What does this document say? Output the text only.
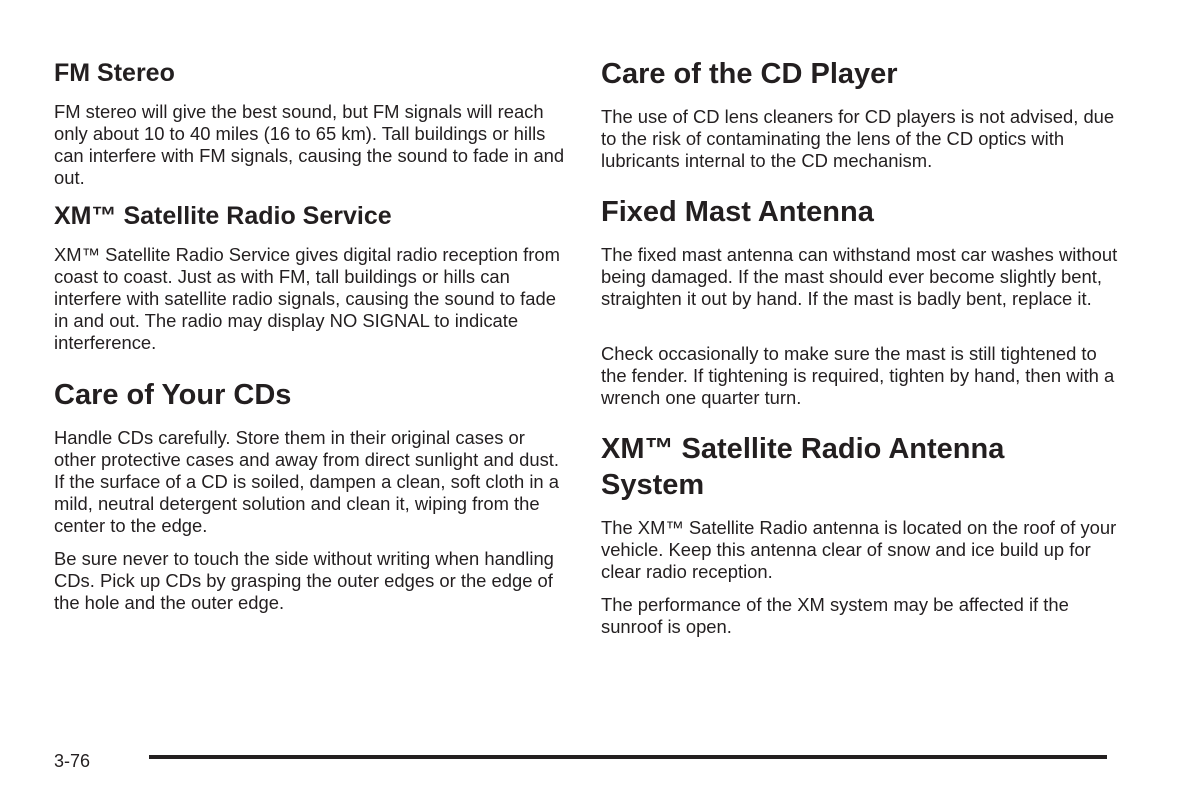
FM Stereo

FM stereo will give the best sound, but FM signals will reach only about 10 to 40 miles (16 to 65 km). Tall buildings or hills can interfere with FM signals, causing the sound to fade in and out.

XM™ Satellite Radio Service

XM™ Satellite Radio Service gives digital radio reception from coast to coast. Just as with FM, tall buildings or hills can interfere with satellite radio signals, causing the sound to fade in and out. The radio may display NO SIGNAL to indicate interference.

Care of Your CDs

Handle CDs carefully. Store them in their original cases or other protective cases and away from direct sunlight and dust. If the surface of a CD is soiled, dampen a clean, soft cloth in a mild, neutral detergent solution and clean it, wiping from the center to the edge.

Be sure never to touch the side without writing when handling CDs. Pick up CDs by grasping the outer edges or the edge of the hole and the outer edge.

Care of the CD Player

The use of CD lens cleaners for CD players is not advised, due to the risk of contaminating the lens of the CD optics with lubricants internal to the CD mechanism.

Fixed Mast Antenna

The fixed mast antenna can withstand most car washes without being damaged. If the mast should ever become slightly bent, straighten it out by hand. If the mast is badly bent, replace it.

Check occasionally to make sure the mast is still tightened to the fender. If tightening is required, tighten by hand, then with a wrench one quarter turn.

XM™ Satellite Radio Antenna System

The XM™ Satellite Radio antenna is located on the roof of your vehicle. Keep this antenna clear of snow and ice build up for clear radio reception.

The performance of the XM system may be affected if the sunroof is open.

3-76
